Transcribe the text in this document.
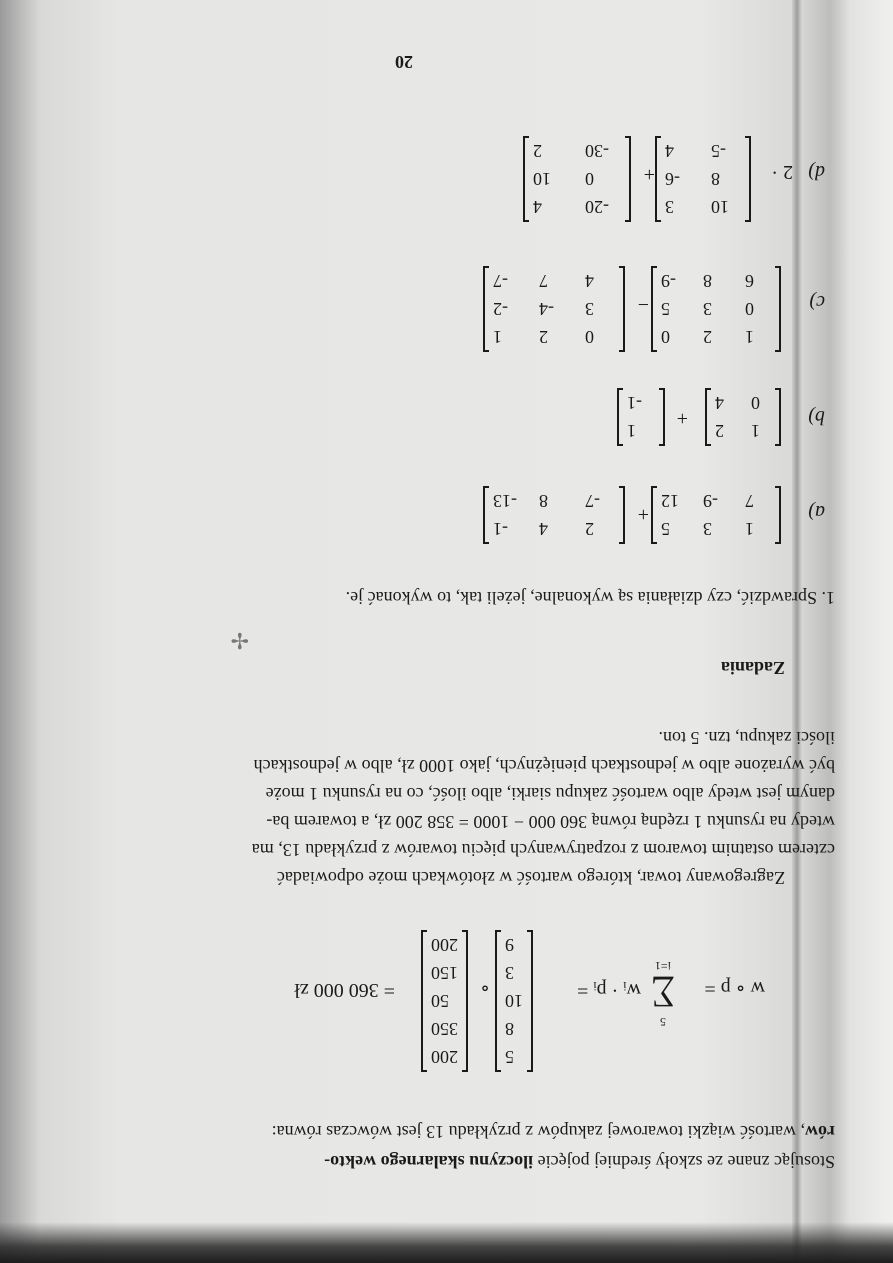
Stosując znane ze szkoły średniej pojęcie iloczynu skalarnego wekto-
rów, wartość wiązki towarowej zakupów z przykładu 13 jest wówczas równa:
w ∘ p =
5
∑
i=1
wᵢ · pᵢ =
5
8
10
3
9
∘
200
350
50
150
200
= 360 000 zł
Zagregowany towar, którego wartość w złotówkach może odpowiadać
czterem ostatnim towarom z rozpatrywanych pięciu towarów z przykładu 13, ma
wtedy na rysunku 1 rzędną równą 360 000 − 1000 = 358 200 zł, a towarem ba-
danym jest wtedy albo wartość zakupu siarki, albo ilość, co na rysunku 1 może
być wyrażone albo w jednostkach pieniężnych, jako 1000 zł, albo w jednostkach
ilości zakupu, tzn. 5 ton.
✢
Zadania
1. Sprawdzić, czy działania są wykonalne, jeżeli tak, to wykonać je.
a)
1
3
5
7
-9
12
+
2
4
-1
-7
8
-13
b)
1
2
0
4
+
1
-1
c)
1
2
0
0
3
5
6
8
-9
−
0
2
1
3
-4
-2
4
7
-7
d)
2 ·
10
3
8
-6
-5
4
+
-20
4
0
10
-30
2
20
